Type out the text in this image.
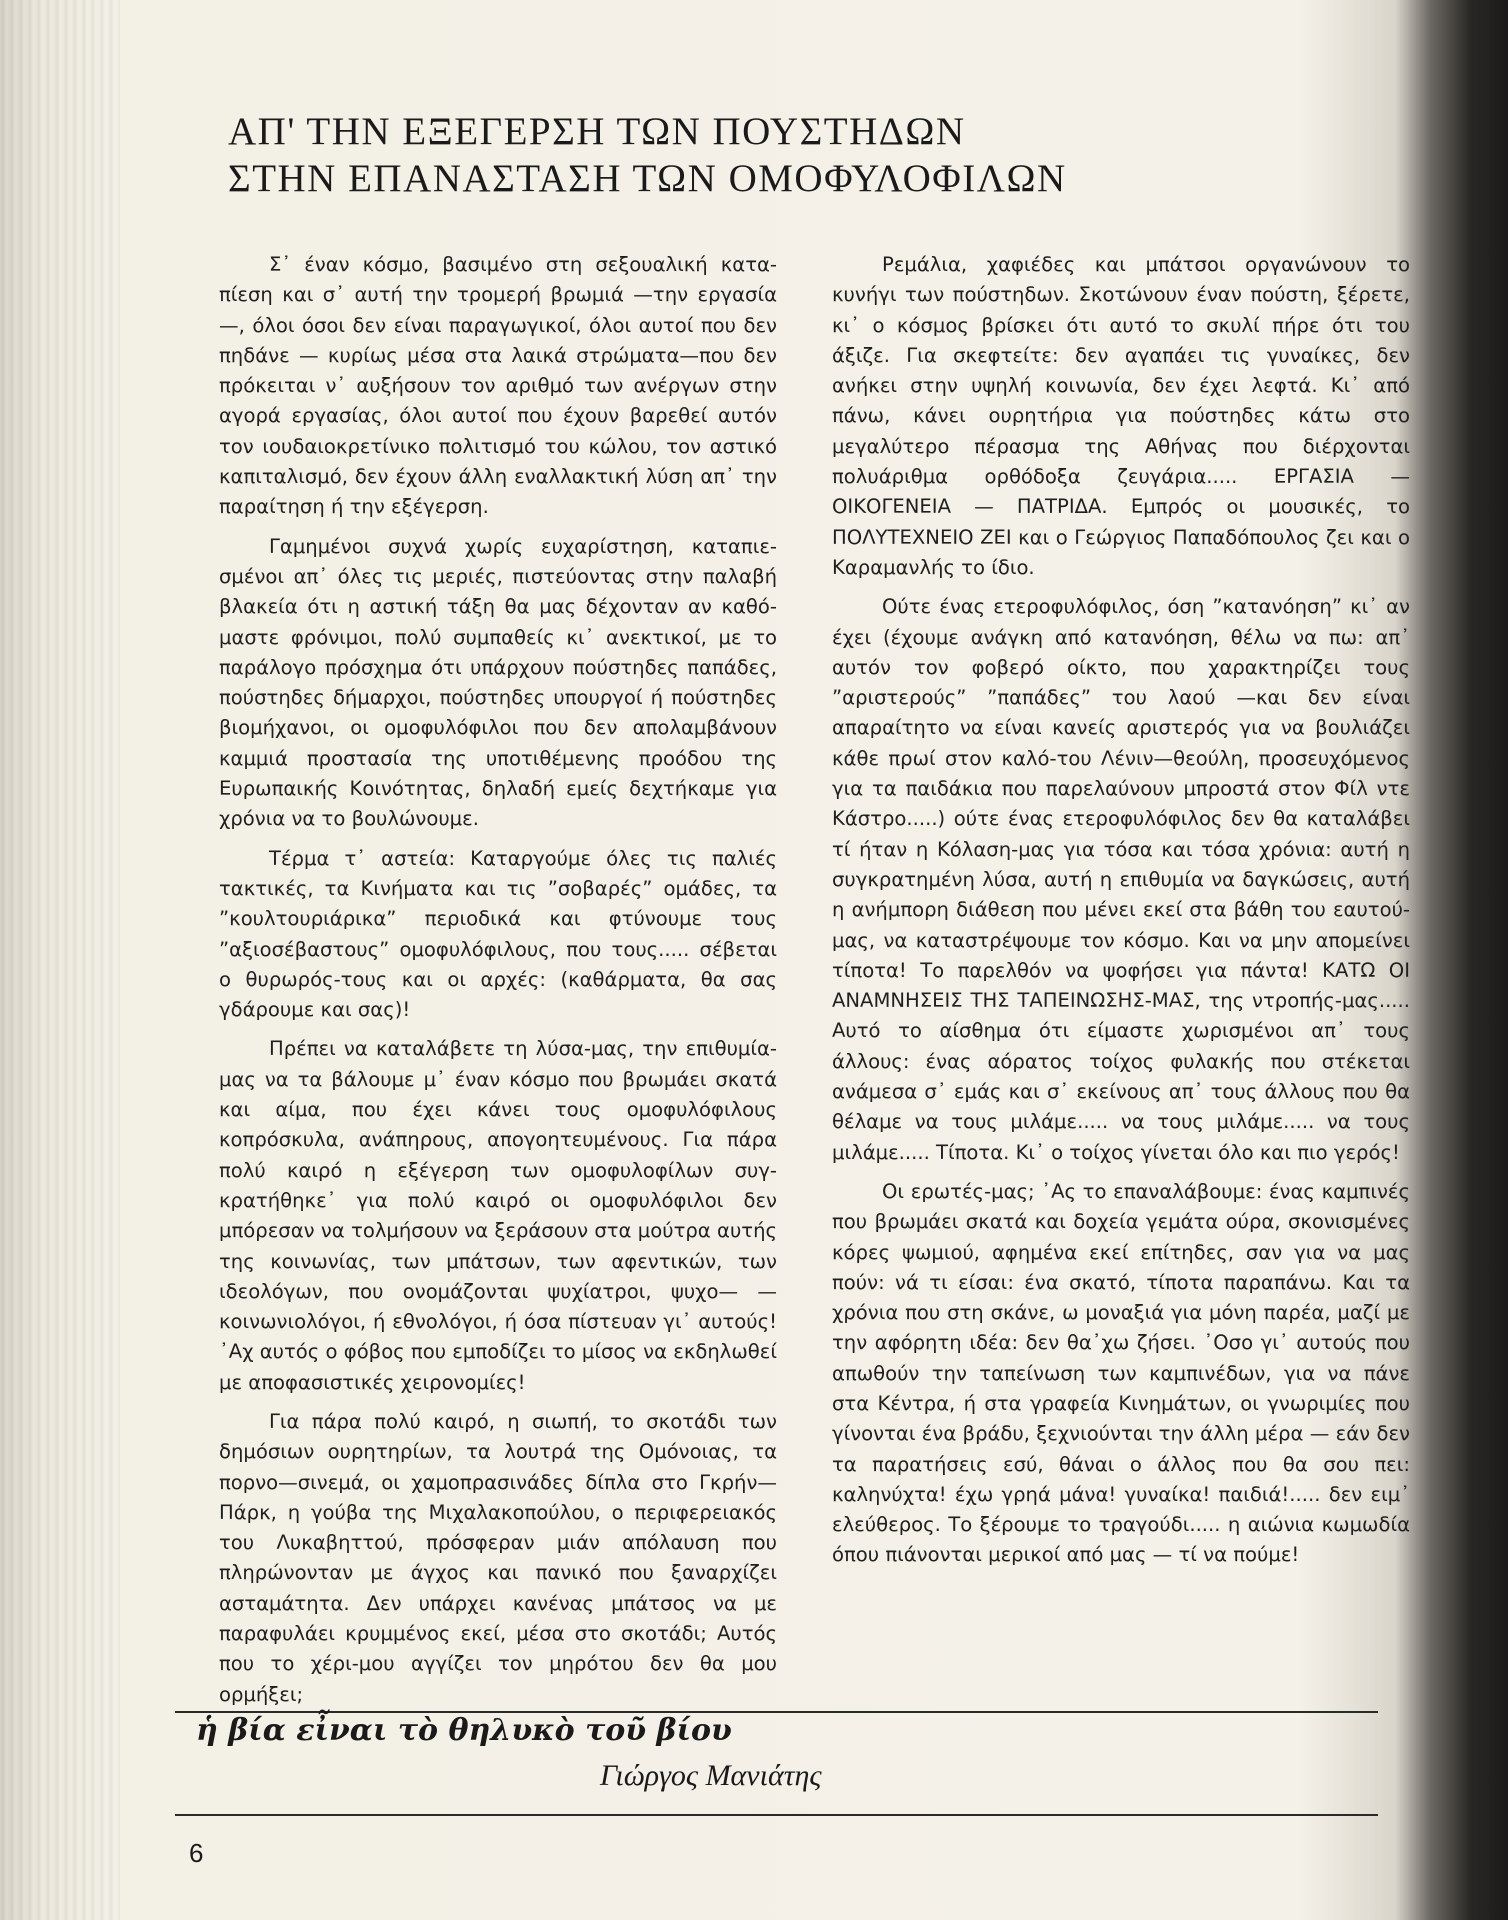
ΑΠ' ΤΗΝ ΕΞΕΓΕΡΣΗ ΤΩΝ ΠΟΥΣΤΗΔΩΝ
ΣΤΗΝ ΕΠΑΝΑΣΤΑΣΗ ΤΩΝ ΟΜΟΦΥΛΟΦΙΛΩΝ

Σ᾽ έναν κόσμο, βασιμένο στη σεξουαλική καταπίεση και σ᾽ αυτή την τρομερή βρωμιά —την εργασία—, όλοι όσοι δεν είναι παραγωγικοί, όλοι αυτοί που δεν πηδάνε — κυρίως μέσα στα λαικά στρώματα—που δεν πρόκειται ν᾽ αυξήσουν τον αριθμό των ανέργων στην αγορά εργασίας, όλοι αυτοί που έχουν βαρεθεί αυτόν τον ιουδαιοκρετίνικο πολιτισμό του κώλου, τον αστικό καπιταλισμό, δεν έχουν άλλη εναλλακτική λύση απ᾽ την παραίτηση ή την εξέγερση.

Γαμημένοι συχνά χωρίς ευχαρίστηση, καταπιεσμένοι απ᾽ όλες τις μεριές, πιστεύοντας στην παλαβή βλακεία ότι η αστική τάξη θα μας δέχονταν αν καθόμαστε φρόνιμοι, πολύ συμπαθείς κι᾽ ανεκτικοί, με το παράλογο πρόσχημα ότι υπάρχουν πούστηδες παπάδες, πούστηδες δήμαρχοι, πούστηδες υπουργοί ή πούστηδες βιομήχανοι, οι ομοφυλόφιλοι που δεν απολαμβάνουν καμμιά προστασία της υποτιθέμενης προόδου της Ευρωπαικής Κοινότητας, δηλαδή εμείς δεχτήκαμε για χρόνια να το βουλώνουμε.

Τέρμα τ᾽ αστεία: Καταργούμε όλες τις παλιές τακτικές, τα Κινήματα και τις ”σοβαρές” ομάδες, τα ”κουλτουριάρικα” περιοδικά και φτύνουμε τους ”αξιοσέβαστους” ομοφυλόφιλους, που τους..... σέβεται ο θυρωρός-τους και οι αρχές: (καθάρματα, θα σας γδάρουμε και σας)!

Πρέπει να καταλάβετε τη λύσα-μας, την επιθυμία-μας να τα βάλουμε μ᾽ έναν κόσμο που βρωμάει σκατά και αίμα, που έχει κάνει τους ομοφυλόφιλους κοπρόσκυλα, ανάπηρους, απογοητευμένους. Για πάρα πολύ καιρό η εξέγερση των ομοφυλοφίλων συγκρατήθηκε᾽ για πολύ καιρό οι ομοφυλόφιλοι δεν μπόρεσαν να τολμήσουν να ξεράσουν στα μούτρα αυτής της κοινωνίας, των μπάτσων, των αφεντικών, των ιδεολόγων, που ονομάζονται ψυχίατροι, ψυχο— —κοινωνιολόγοι, ή εθνολόγοι, ή όσα πίστευαν γι᾽ αυτούς! ᾽Αχ αυτός ο φόβος που εμποδίζει το μίσος να εκδηλωθεί με αποφασιστικές χειρονομίες!

Για πάρα πολύ καιρό, η σιωπή, το σκοτάδι των δημόσιων ουρητηρίων, τα λουτρά της Ομόνοιας, τα πορνο—σινεμά, οι χαμοπρασινάδες δίπλα στο Γκρήν—Πάρκ, η γούβα της Μιχαλακοπούλου, ο περιφερειακός του Λυκαβηττού, πρόσφεραν μιάν απόλαυση που πληρώνονταν με άγχος και πανικό που ξαναρχίζει ασταμάτητα. Δεν υπάρχει κανένας μπάτσος να με παραφυλάει κρυμμένος εκεί, μέσα στο σκοτάδι; Αυτός που το χέρι-μου αγγίζει τον μηρότου δεν θα μου ορμήξει;

Ρεμάλια, χαφιέδες και μπάτσοι οργανώνουν το κυνήγι των πούστηδων. Σκοτώνουν έναν πούστη, ξέρετε, κι᾽ ο κόσμος βρίσκει ότι αυτό το σκυλί πήρε ότι του άξιζε. Για σκεφτείτε: δεν αγαπάει τις γυναίκες, δεν ανήκει στην υψηλή κοινωνία, δεν έχει λεφτά. Κι᾽ από πάνω, κάνει ουρητήρια για πούστηδες κάτω στο μεγαλύτερο πέρασμα της Αθήνας που διέρχονται πολυάριθμα ορθόδοξα ζευγάρια..... ΕΡΓΑΣΙΑ — ΟΙΚΟΓΕΝΕΙΑ — ΠΑΤΡΙΔΑ. Εμπρός οι μουσικές, το ΠΟΛΥΤΕΧΝΕΙΟ ΖΕΙ και ο Γεώργιος Παπαδόπουλος ζει και ο Καραμανλής το ίδιο.

Ούτε ένας ετεροφυλόφιλος, όση ”κατανόηση” κι᾽ αν έχει (έχουμε ανάγκη από κατανόηση, θέλω να πω: απ᾽ αυτόν τον φοβερό οίκτο, που χαρακτηρίζει τους ”αριστερούς” ”παπάδες” του λαού —και δεν είναι απαραίτητο να είναι κανείς αριστερός για να βουλιάζει κάθε πρωί στον καλό-του Λένιν—θεούλη, προσευχόμενος για τα παιδάκια που παρελαύνουν μπροστά στον Φίλ ντε Κάστρο.....) ούτε ένας ετεροφυλόφιλος δεν θα καταλάβει τί ήταν η Κόλαση-μας για τόσα και τόσα χρόνια: αυτή η συγκρατημένη λύσα, αυτή η επιθυμία να δαγκώσεις, αυτή η ανήμπορη διάθεση που μένει εκεί στα βάθη του εαυτούμας, να καταστρέψουμε τον κόσμο. Και να μην απομείνει τίποτα! Το παρελθόν να ψοφήσει για πάντα! ΚΑΤΩ ΟΙ ΑΝΑΜΝΗΣΕΙΣ ΤΗΣ ΤΑΠΕΙΝΩΣΗΣ-ΜΑΣ, της ντροπής-μας..... Αυτό το αίσθημα ότι είμαστε χωρισμένοι απ᾽ τους άλλους: ένας αόρατος τοίχος φυλακής που στέκεται ανάμεσα σ᾽ εμάς και σ᾽ εκείνους απ᾽ τους άλλους που θα θέλαμε να τους μιλάμε..... να τους μιλάμε..... να τους μιλάμε..... Τίποτα. Κι᾽ ο τοίχος γίνεται όλο και πιο γερός!

Οι ερωτές-μας; ᾽Ας το επαναλάβουμε: ένας καμπινές που βρωμάει σκατά και δοχεία γεμάτα ούρα, σκονισμένες κόρες ψωμιού, αφημένα εκεί επίτηδες, σαν για να μας πούν: νά τι είσαι: ένα σκατό, τίποτα παραπάνω. Και τα χρόνια που στη σκάνε, ω μοναξιά για μόνη παρέα, μαζί με την αφόρητη ιδέα: δεν θα᾽χω ζήσει. ᾽Οσο γι᾽ αυτούς που απωθούν την ταπείνωση των καμπινέδων, για να πάνε στα Κέντρα, ή στα γραφεία Κινημάτων, οι γνωριμίες που γίνονται ένα βράδυ, ξεχνιούνται την άλλη μέρα — εάν δεν τα παρατήσεις εσύ, θάναι ο άλλος που θα σου πει: καληνύχτα! έχω γρηά μάνα! γυναίκα! παιδιά!..... δεν ειμ᾽ ελεύθερος. Το ξέρουμε το τραγούδι..... η αιώνια κωμωδία όπου πιάνονται μερικοί από μας — τί να πούμε!

ἡ βία εἶναι τὸ θηλυκὸ τοῦ βίου
Γιώργος Μανιάτης
6
